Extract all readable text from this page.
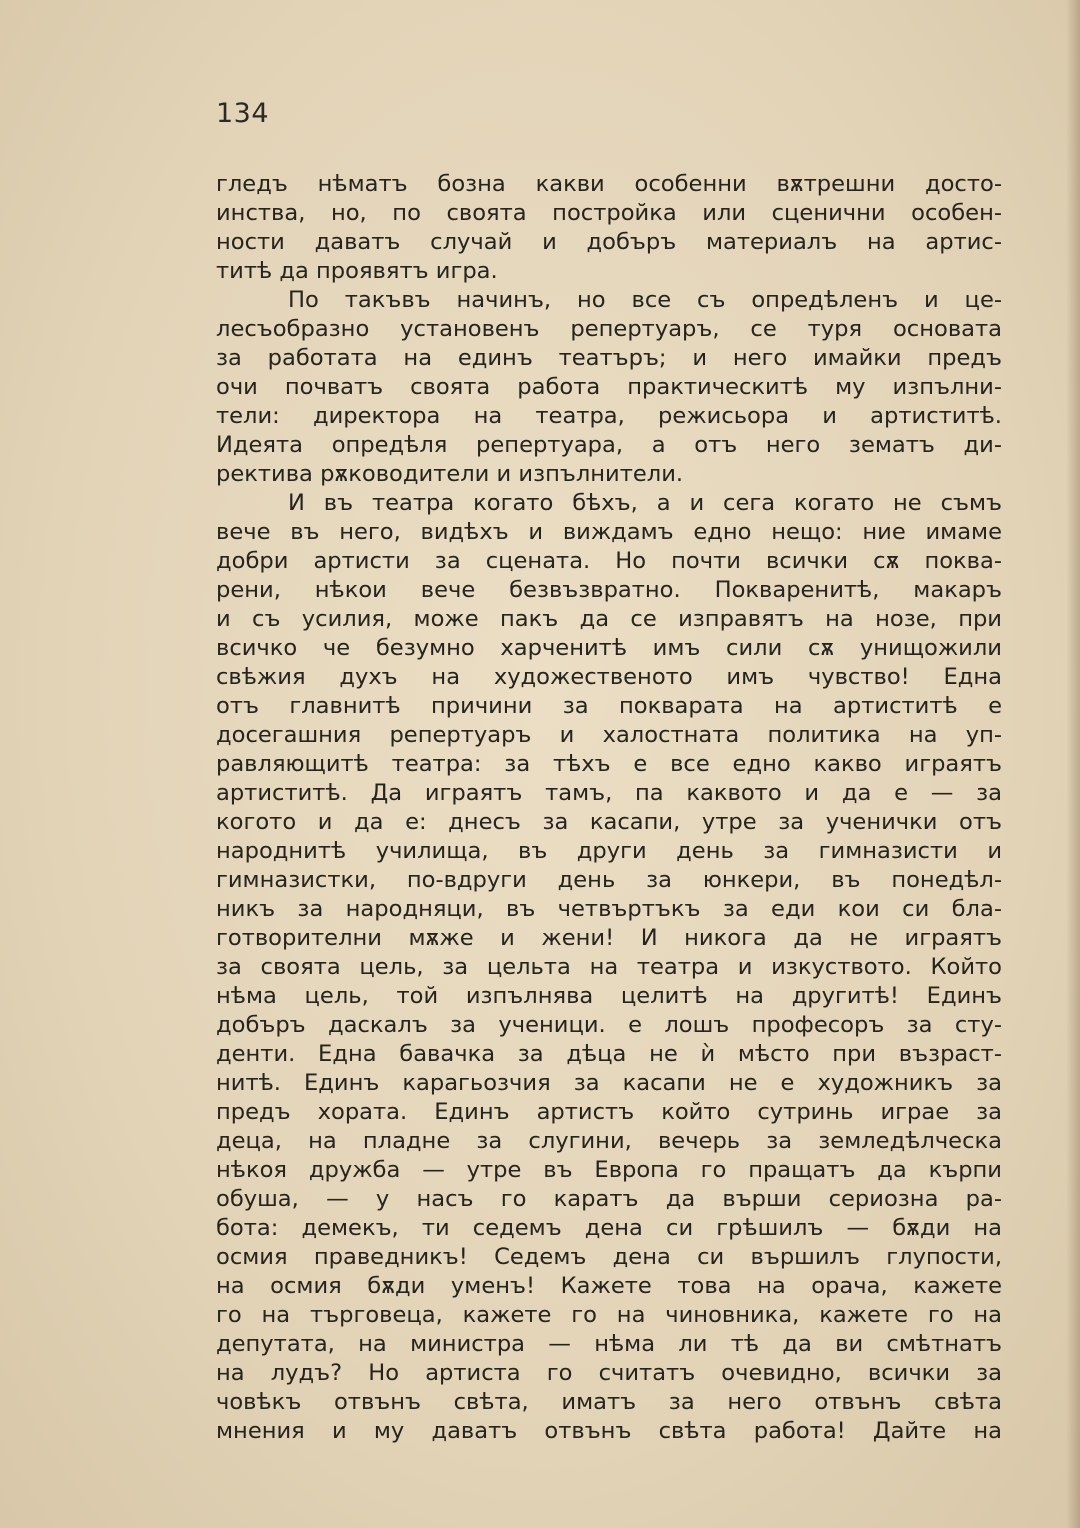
134
гледъ нѣматъ бозна какви особенни вѫтрешни досто-
инства, но, по своята постройка или сценични особен-
ности даватъ случай и добъръ материалъ на артис-
титѣ да проявятъ игра.
По такъвъ начинъ, но все съ опредѣленъ и це-
лесъобразно установенъ репертуаръ, се туря основата
за работата на единъ театъръ; и него имайки предъ
очи почватъ своята работа практическитѣ му изпълни-
тели: директора на театра, режисьора и артиститѣ.
Идеята опредѣля репертуара, а отъ него зематъ ди-
ректива рѫководители и изпълнители.
И въ театра когато бѣхъ, а и сега когато не съмъ
вече въ него, видѣхъ и виждамъ едно нещо: ние имаме
добри артисти за сцената. Но почти всички сѫ поква-
рени, нѣкои вече безвъзвратно. Покваренитѣ, макаръ
и съ усилия, може пакъ да се изправятъ на нозе, при
всичко че безумно харченитѣ имъ сили сѫ унищожили
свѣжия духъ на художественото имъ чувство! Една
отъ главнитѣ причини за покварата на артиститѣ е
досегашния репертуаръ и халостната политика на уп-
равляющитѣ театра: за тѣхъ е все едно какво играятъ
артиститѣ. Да играятъ тамъ, па каквото и да е — за
когото и да е: днесъ за касапи, утре за ученички отъ
народнитѣ училища, въ други день за гимназисти и
гимназистки, по-вдруги день за юнкери, въ понедѣл-
никъ за народняци, въ четвъртъкъ за еди кои си бла-
готворителни мѫже и жени! И никога да не играятъ
за своята цель, за цельта на театра и изкуството. Който
нѣма цель, той изпълнява целитѣ на другитѣ! Единъ
добъръ даскалъ за ученици. е лошъ професоръ за сту-
денти. Една бавачка за дѣца не ѝ мѣсто при възраст-
нитѣ. Единъ карагьозчия за касапи не е художникъ за
предъ хората. Единъ артистъ който сутринь играе за
деца, на пладне за слугини, вечерь за земледѣлческа
нѣкоя дружба — утре въ Европа го пращатъ да кърпи
обуша, — у насъ го каратъ да върши сериозна ра-
бота: демекъ, ти седемъ дена си грѣшилъ — бѫди на
осмия праведникъ! Седемъ дена си вършилъ глупости,
на осмия бѫди уменъ! Кажете това на орача, кажете
го на търговеца, кажете го на чиновника, кажете го на
депутата, на министра — нѣма ли тѣ да ви смѣтнатъ
на лудъ? Но артиста го считатъ очевидно, всички за
човѣкъ отвънъ свѣта, иматъ за него отвънъ свѣта
мнения и му даватъ отвънъ свѣта работа! Дайте на
